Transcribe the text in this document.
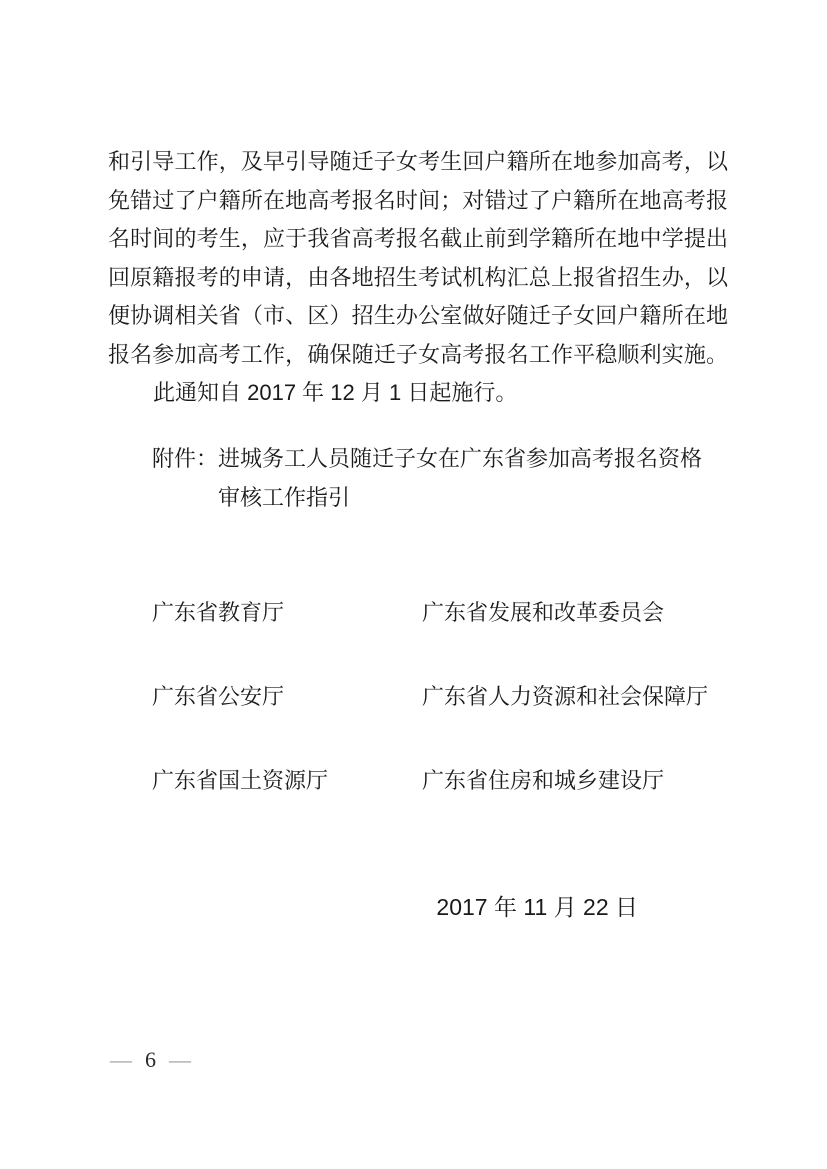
和引导工作，及早引导随迁子女考生回户籍所在地参加高考，以
免错过了户籍所在地高考报名时间；对错过了户籍所在地高考报
名时间的考生，应于我省高考报名截止前到学籍所在地中学提出
回原籍报考的申请，由各地招生考试机构汇总上报省招生办，以
便协调相关省（市、区）招生办公室做好随迁子女回户籍所在地
报名参加高考工作，确保随迁子女高考报名工作平稳顺利实施。
此通知自 2017 年 12 月 1 日起施行。
附件： 进城务工人员随迁子女在广东省参加高考报名资格
审核工作指引
广东省教育厅	广东省发展和改革委员会
广东省公安厅	广东省人力资源和社会保障厅
广东省国土资源厅	广东省住房和城乡建设厅
2017 年 11 月 22 日
— 6 —
